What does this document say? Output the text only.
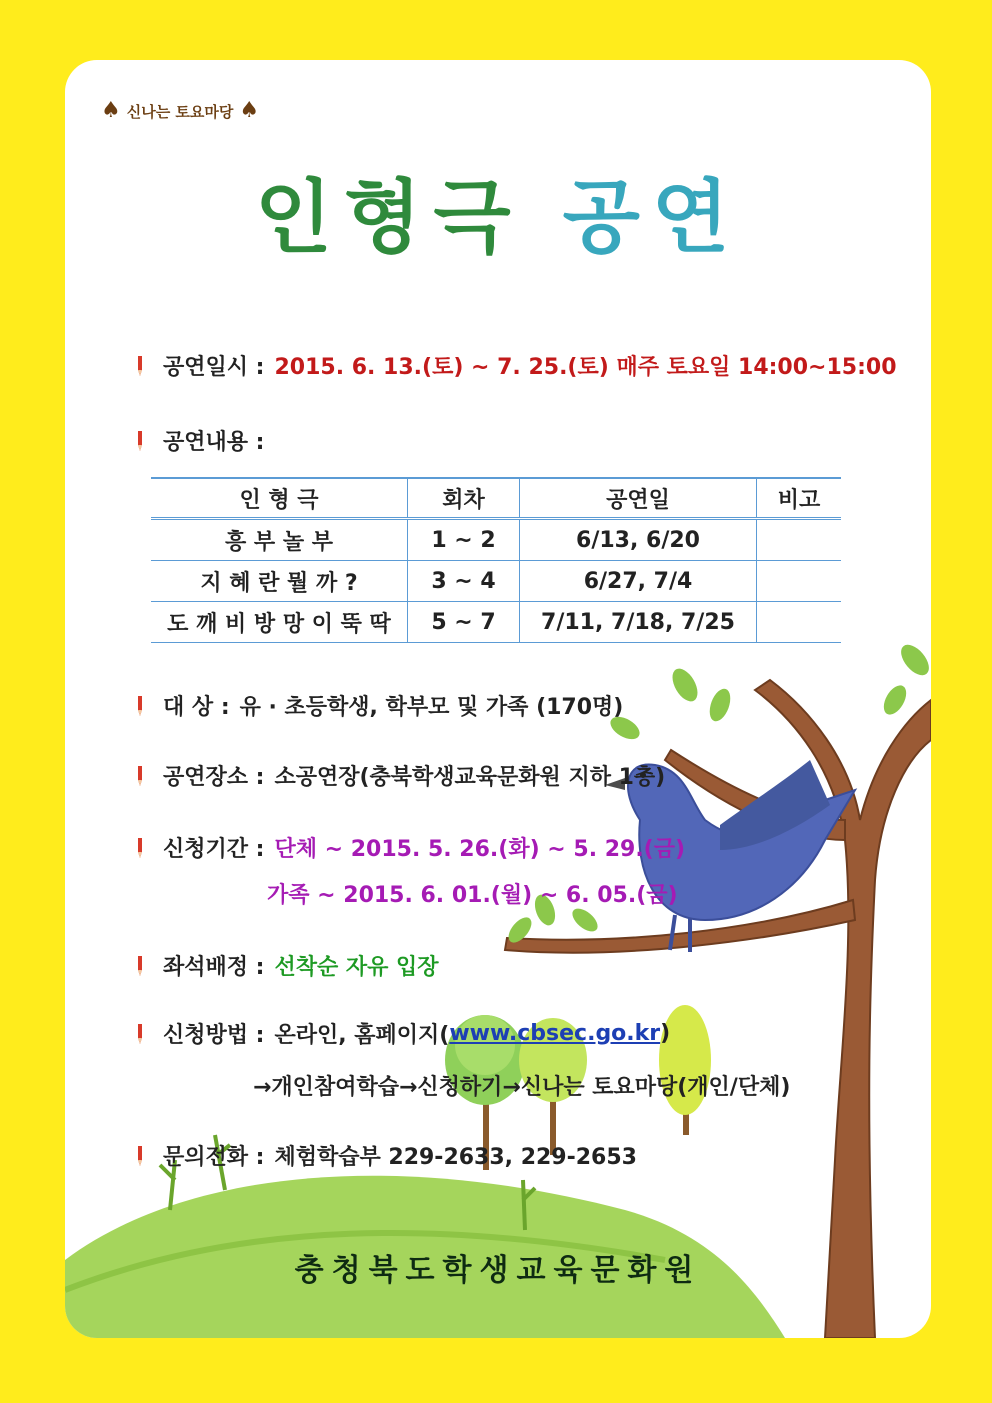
♠ 신나는 토요마당 ♠
인형극 공연
공연일시 : 2015. 6. 13.(토) ~ 7. 25.(토) 매주 토요일 14:00~15:00
공연내용 :
인 형 극	회차	공연일	비고
흥 부 놀 부	1 ~ 2	6/13, 6/20	
지 혜 란 뭘 까 ?	3 ~ 4	6/27, 7/4	
도 깨 비 방 망 이 뚝 딱	5 ~ 7	7/11, 7/18, 7/25	
대 상 : 유 · 초등학생, 학부모 및 가족 (170명)
공연장소 : 소공연장(충북학생교육문화원 지하 1층)
신청기간 : 단체 ~ 2015. 5. 26.(화) ~ 5. 29.(금)
가족 ~ 2015. 6. 01.(월) ~ 6. 05.(금)
좌석배정 : 선착순 자유 입장
신청방법 : 온라인, 홈페이지( www.cbsec.go.kr )
→개인참여학습→신청하기→신나는 토요마당(개인/단체)
문의전화 : 체험학습부 229-2633, 229-2653
충청북도학생교육문화원
